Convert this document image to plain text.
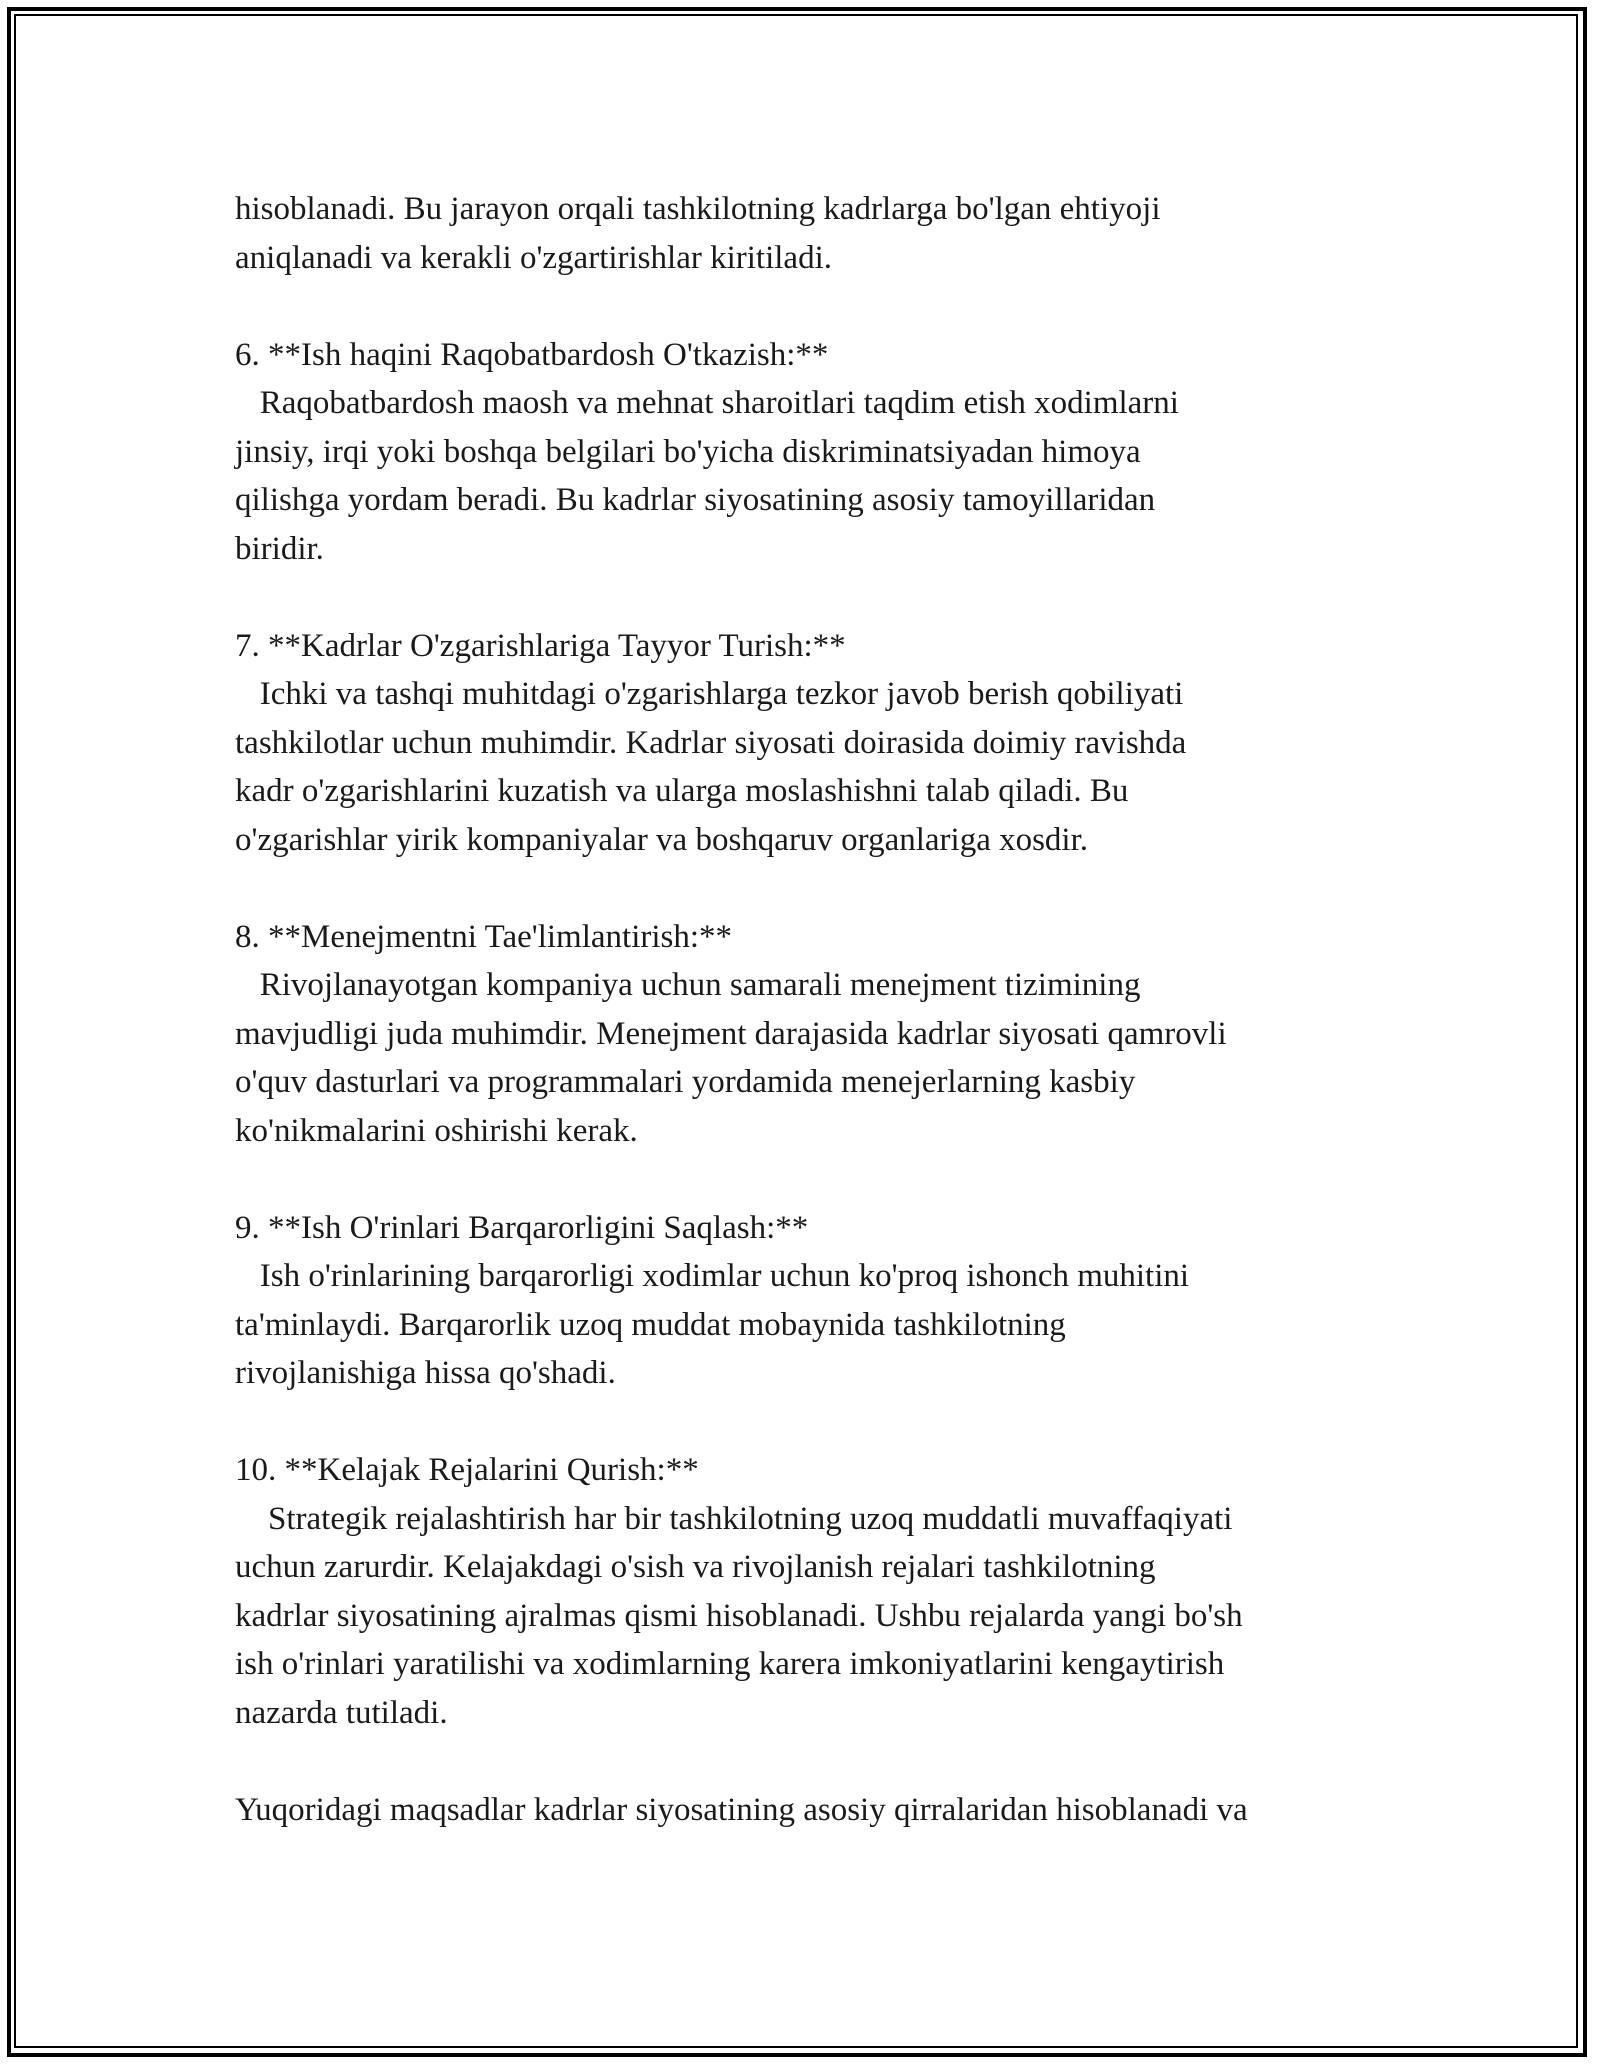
hisoblanadi. Bu jarayon orqali tashkilotning kadrlarga bo'lgan ehtiyoji
aniqlanadi va kerakli o'zgartirishlar kiritiladi.
6. **Ish haqini Raqobatbardosh O'tkazish:**
Raqobatbardosh maosh va mehnat sharoitlari taqdim etish xodimlarni
jinsiy, irqi yoki boshqa belgilari bo'yicha diskriminatsiyadan himoya
qilishga yordam beradi. Bu kadrlar siyosatining asosiy tamoyillaridan
biridir.
7. **Kadrlar O'zgarishlariga Tayyor Turish:**
Ichki va tashqi muhitdagi o'zgarishlarga tezkor javob berish qobiliyati
tashkilotlar uchun muhimdir. Kadrlar siyosati doirasida doimiy ravishda
kadr o'zgarishlarini kuzatish va ularga moslashishni talab qiladi. Bu
o'zgarishlar yirik kompaniyalar va boshqaruv organlariga xosdir.
8. **Menejmentni Tae'limlantirish:**
Rivojlanayotgan kompaniya uchun samarali menejment tizimining
mavjudligi juda muhimdir. Menejment darajasida kadrlar siyosati qamrovli
o'quv dasturlari va programmalari yordamida menejerlarning kasbiy
ko'nikmalarini oshirishi kerak.
9. **Ish O'rinlari Barqarorligini Saqlash:**
Ish o'rinlarining barqarorligi xodimlar uchun ko'proq ishonch muhitini
ta'minlaydi. Barqarorlik uzoq muddat mobaynida tashkilotning
rivojlanishiga hissa qo'shadi.
10. **Kelajak Rejalarini Qurish:**
Strategik rejalashtirish har bir tashkilotning uzoq muddatli muvaffaqiyati
uchun zarurdir. Kelajakdagi o'sish va rivojlanish rejalari tashkilotning
kadrlar siyosatining ajralmas qismi hisoblanadi. Ushbu rejalarda yangi bo'sh
ish o'rinlari yaratilishi va xodimlarning karera imkoniyatlarini kengaytirish
nazarda tutiladi.
Yuqoridagi maqsadlar kadrlar siyosatining asosiy qirralaridan hisoblanadi va
